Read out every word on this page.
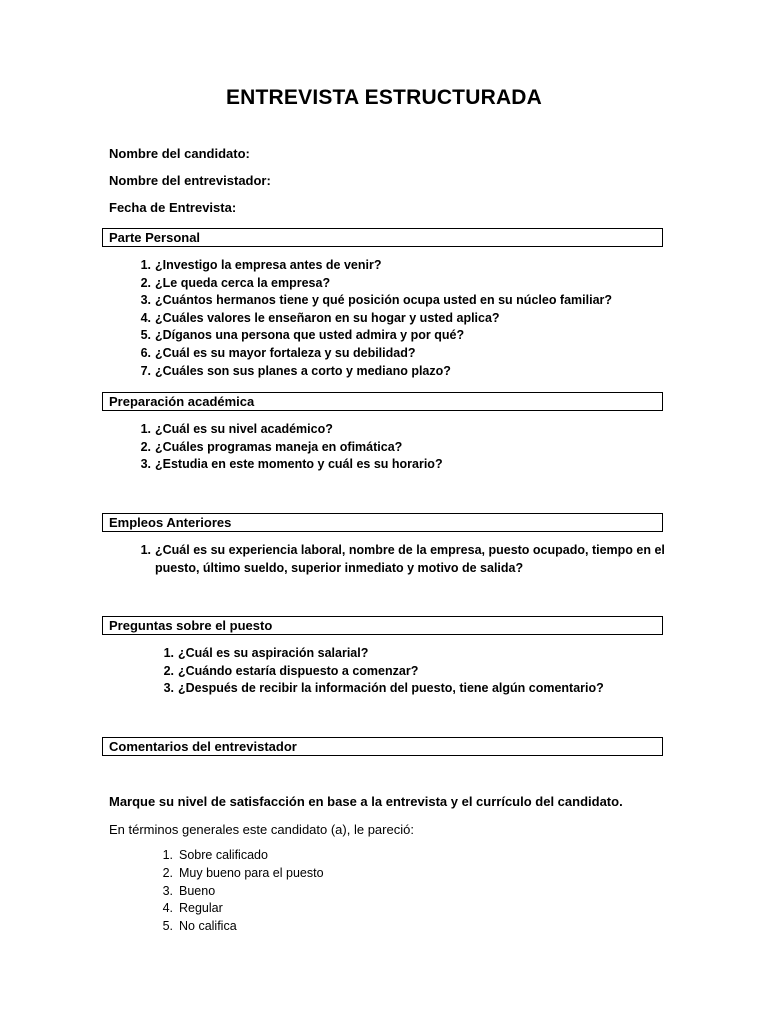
ENTREVISTA ESTRUCTURADA
Nombre del candidato:
Nombre del entrevistador:
Fecha de Entrevista:
Parte Personal
1. ¿Investigo la empresa antes de venir?
2. ¿Le queda cerca la empresa?
3. ¿Cuántos hermanos tiene y qué posición ocupa usted en su núcleo familiar?
4. ¿Cuáles valores le enseñaron en su hogar y usted aplica?
5. ¿Díganos una persona que usted admira y por qué?
6. ¿Cuál es su mayor fortaleza y su debilidad?
7. ¿Cuáles son sus planes a corto y mediano plazo?
Preparación académica
1. ¿Cuál es su nivel académico?
2. ¿Cuáles programas maneja en ofimática?
3. ¿Estudia en este momento y cuál es su horario?
Empleos Anteriores
1. ¿Cuál es su experiencia laboral, nombre de la empresa, puesto ocupado, tiempo en el
puesto, último sueldo, superior inmediato y motivo de salida?
Preguntas sobre el puesto
1. ¿Cuál es su aspiración salarial?
2. ¿Cuándo estaría dispuesto a comenzar?
3. ¿Después de recibir la información del puesto, tiene algún comentario?
Comentarios del entrevistador
Marque su nivel de satisfacción en base a la entrevista y el currículo del candidato.
En términos generales este candidato (a), le pareció:
1. Sobre calificado
2. Muy bueno para el puesto
3. Bueno
4. Regular
5. No califica
